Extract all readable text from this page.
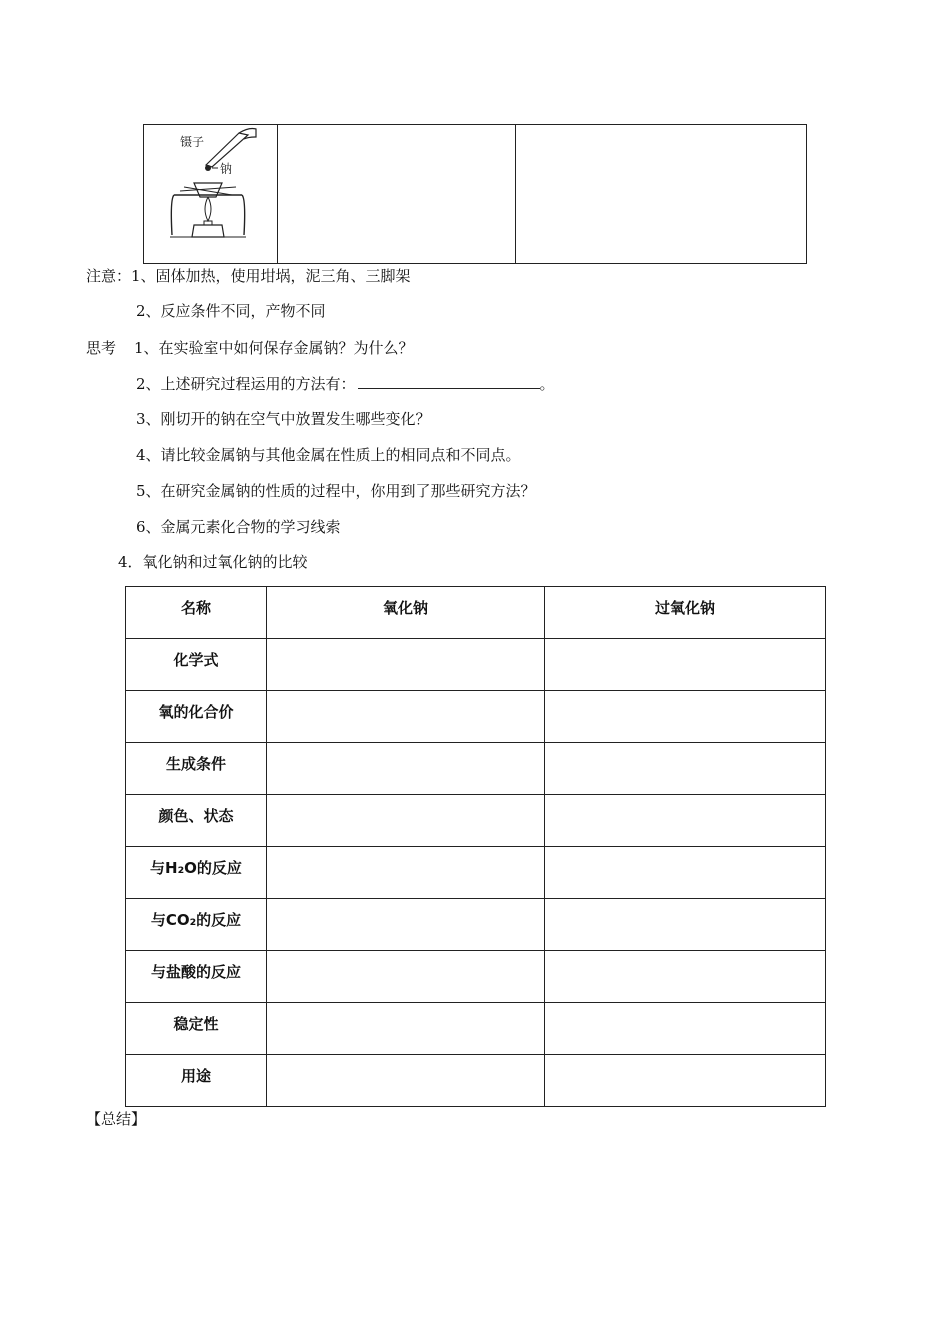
镊子
钠

注意：1、固体加热，使用坩埚，泥三角、三脚架
2、反应条件不同，产物不同
思考 1、在实验室中如何保存金属钠？为什么？
2、上述研究过程运用的方法有：	。
3、刚切开的钠在空气中放置发生哪些变化？
4、请比较金属钠与其他金属在性质上的相同点和不同点。
5、在研究金属钠的性质的过程中，你用到了那些研究方法？
6、金属元素化合物的学习线索
4．氧化钠和过氧化钠的比较
名称	氧化钠	过氧化钠

化学式		

氧的化合价		

生成条件		

颜色、状态		

与H₂O的反应		

与CO₂的反应		

与盐酸的反应		

稳定性		

用途		

【总结】
